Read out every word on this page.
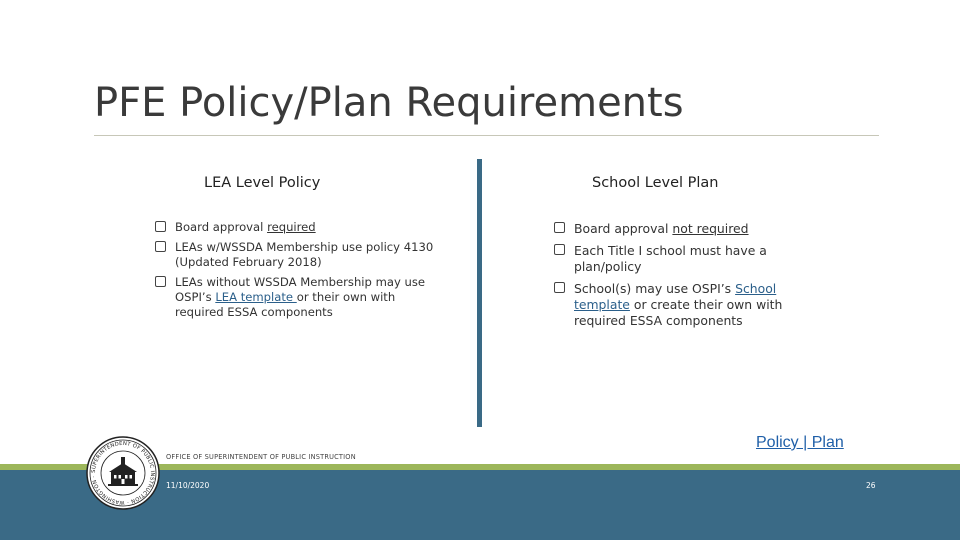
PFE Policy/Plan Requirements
LEA Level Policy	School Level Plan
Board approval required
LEAs w/WSSDA Membership use policy 4130 (Updated February 2018)
LEAs without WSSDA Membership may use OSPI’s LEA template or their own with required ESSA components
Board approval not required
Each Title I school must have a plan/policy
School(s) may use OSPI’s School template or create their own with required ESSA components
Policy | Plan
OFFICE OF SUPERINTENDENT OF PUBLIC INSTRUCTION
11/10/2020	26
SUPERINTENDENT OF PUBLIC INSTRUCTION · WASHINGTON ·
